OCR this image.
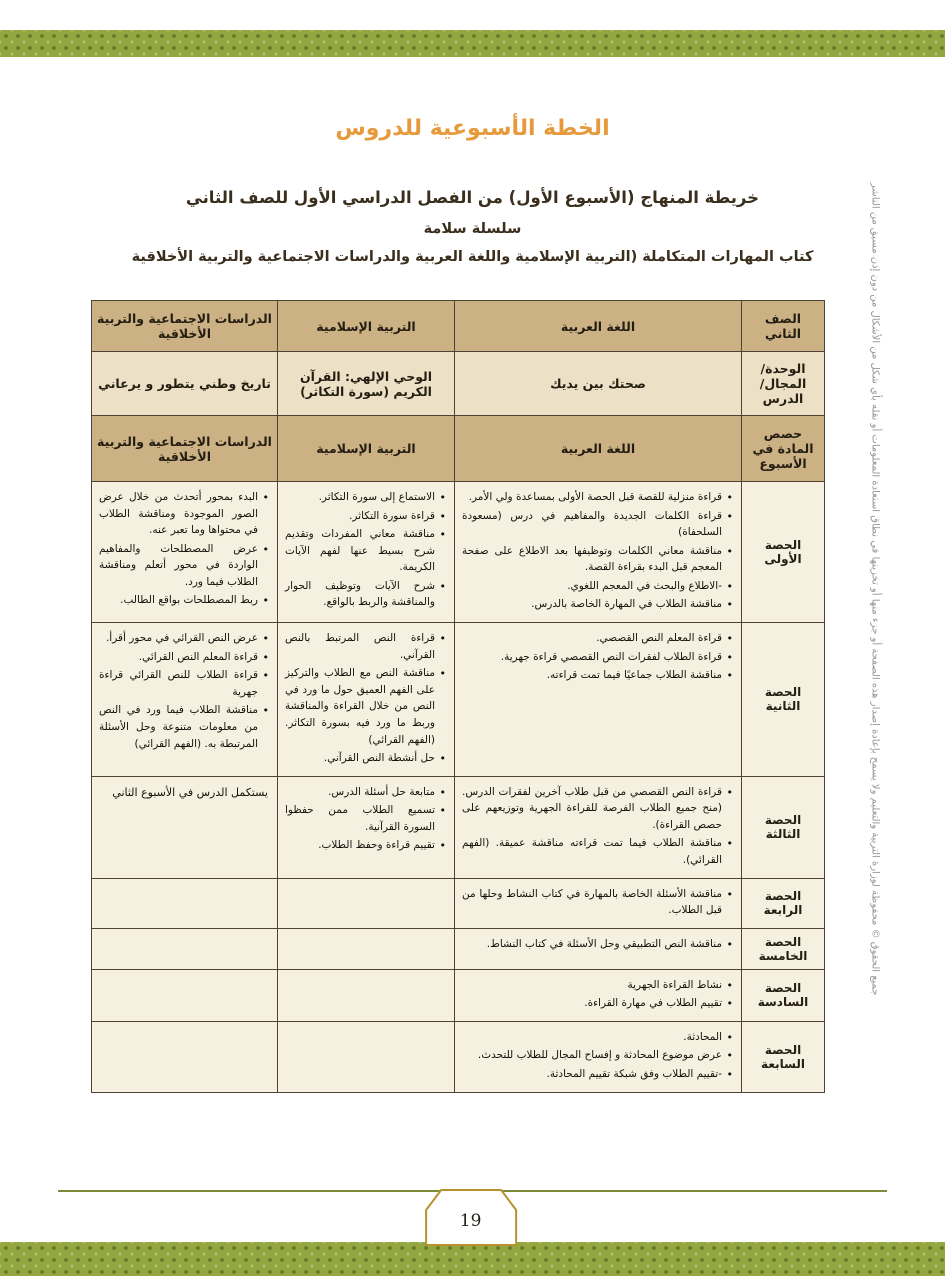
الخطة الأسبوعية للدروس
خريطة المنهاج (الأسبوع الأول) من الفصل الدراسي الأول للصف الثاني
سلسلة سلامة
كتاب المهارات المتكاملة (التربية الإسلامية واللغة العربية والدراسات الاجتماعية والتربية الأخلاقية
الصف الثاني	اللغة العربية	التربية الإسلامية	الدراسات الاجتماعية والتربية الأخلاقية
الوحدة/ المجال/الدرس	صحتك بين يديك	الوحي الإلهي: القرآن الكريم (سورة التكاثر)	تاريخ وطني يتطور و يرعاني
حصص المادة في الأسبوع	اللغة العربية	التربية الإسلامية	الدراسات الاجتماعية والتربية الأخلاقية
الحصة الأولى	
• قراءة منزلية للقصة قبل الحصة الأولى بمساعدة ولي الأمر.
• قراءة الكلمات الجديدة والمفاهيم في درس (مسعودة السلحفاة)
• مناقشة معاني الكلمات وتوظيفها بعد الاطلاع على صفحة المعجم قبل البدء بقراءة القصة.
• -الاطلاع والبحث في المعجم اللغوي.
• مناقشة الطلاب في المهارة الخاصة بالدرس.

• الاستماع إلى سورة التكاثر.
• قراءة سورة التكاثر.
• مناقشة معاني المفردات وتقديم شرح بسيط عنها لفهم الآيات الكريمة.
• شرح الآيات وتوظيف الحوار والمناقشة والربط بالواقع.

• البدء بمحور أتحدث من خلال عرض الصور الموجودة ومناقشة الطلاب في محتواها وما تعبر عنه.
• عرض المصطلحات والمفاهيم الواردة في محور أتعلم ومناقشة الطلاب فيما ورد.
• ربط المصطلحات بواقع الطالب.

الحصة الثانية	
• قراءة المعلم النص القصصي.
• قراءة الطلاب لفقرات النص القصصي قراءة جهرية.
• مناقشة الطلاب جماعيًا فيما تمت قراءته.

• قراءة النص المرتبط بالنص القرآني.
• مناقشة النص مع الطلاب والتركيز على الفهم العميق حول ما ورد في النص من خلال القراءة والمناقشة وربط ما ورد فيه بسورة التكاثر. (الفهم القرائي)
• حل أنشطة النص القرآني.

• عرض النص القرائي في محور أقرأ.
• قراءة المعلم النص القرائي.
• قراءة الطلاب للنص القرائي قراءة جهرية
• مناقشة الطلاب فيما ورد في النص من معلومات متنوعة وحل الأسئلة المرتبطة به. (الفهم القرائي)

الحصة الثالثة	
• قراءة النص القصصي من قبل طلاب آخرين لفقرات الدرس. (منح جميع الطلاب الفرصة للقراءة الجهرية وتوزيعهم على حصص القراءة).
• مناقشة الطلاب فيما تمت قراءته مناقشة عميقة. (الفهم القرائي).

• متابعة حل أسئلة الدرس.
• تسميع الطلاب ممن حفظوا السورة القرآنية.
• تقييم قراءة وحفظ الطلاب.

يستكمل الدرس في الأسبوع الثاني

الحصة الرابعة	
• مناقشة الأسئلة الخاصة بالمهارة في كتاب النشاط وحلها من قبل الطلاب.

الحصة الخامسة	
• مناقشة النص التطبيقي وحل الأسئلة في كتاب النشاط.

الحصة السادسة	
• نشاط القراءة الجهرية
• تقييم الطلاب في مهارة القراءة.

الحصة السابعة	
• المحادثة.
• عرض موضوع المحادثة و إفساح المجال للطلاب للتحدث.
• -تقييم الطلاب وفق شبكة تقييم المحادثة.

19
جميع الحقوق © محفوظة لوزارة التربية والتعليم ولا يسمح بإعادة إصدار هذه الصفحة أو جزء منها أو تخزينها في نطاق استعادة المعلومات أو نقله بأي شكل من الأشكال من دون إذن مسبق من الناشر
